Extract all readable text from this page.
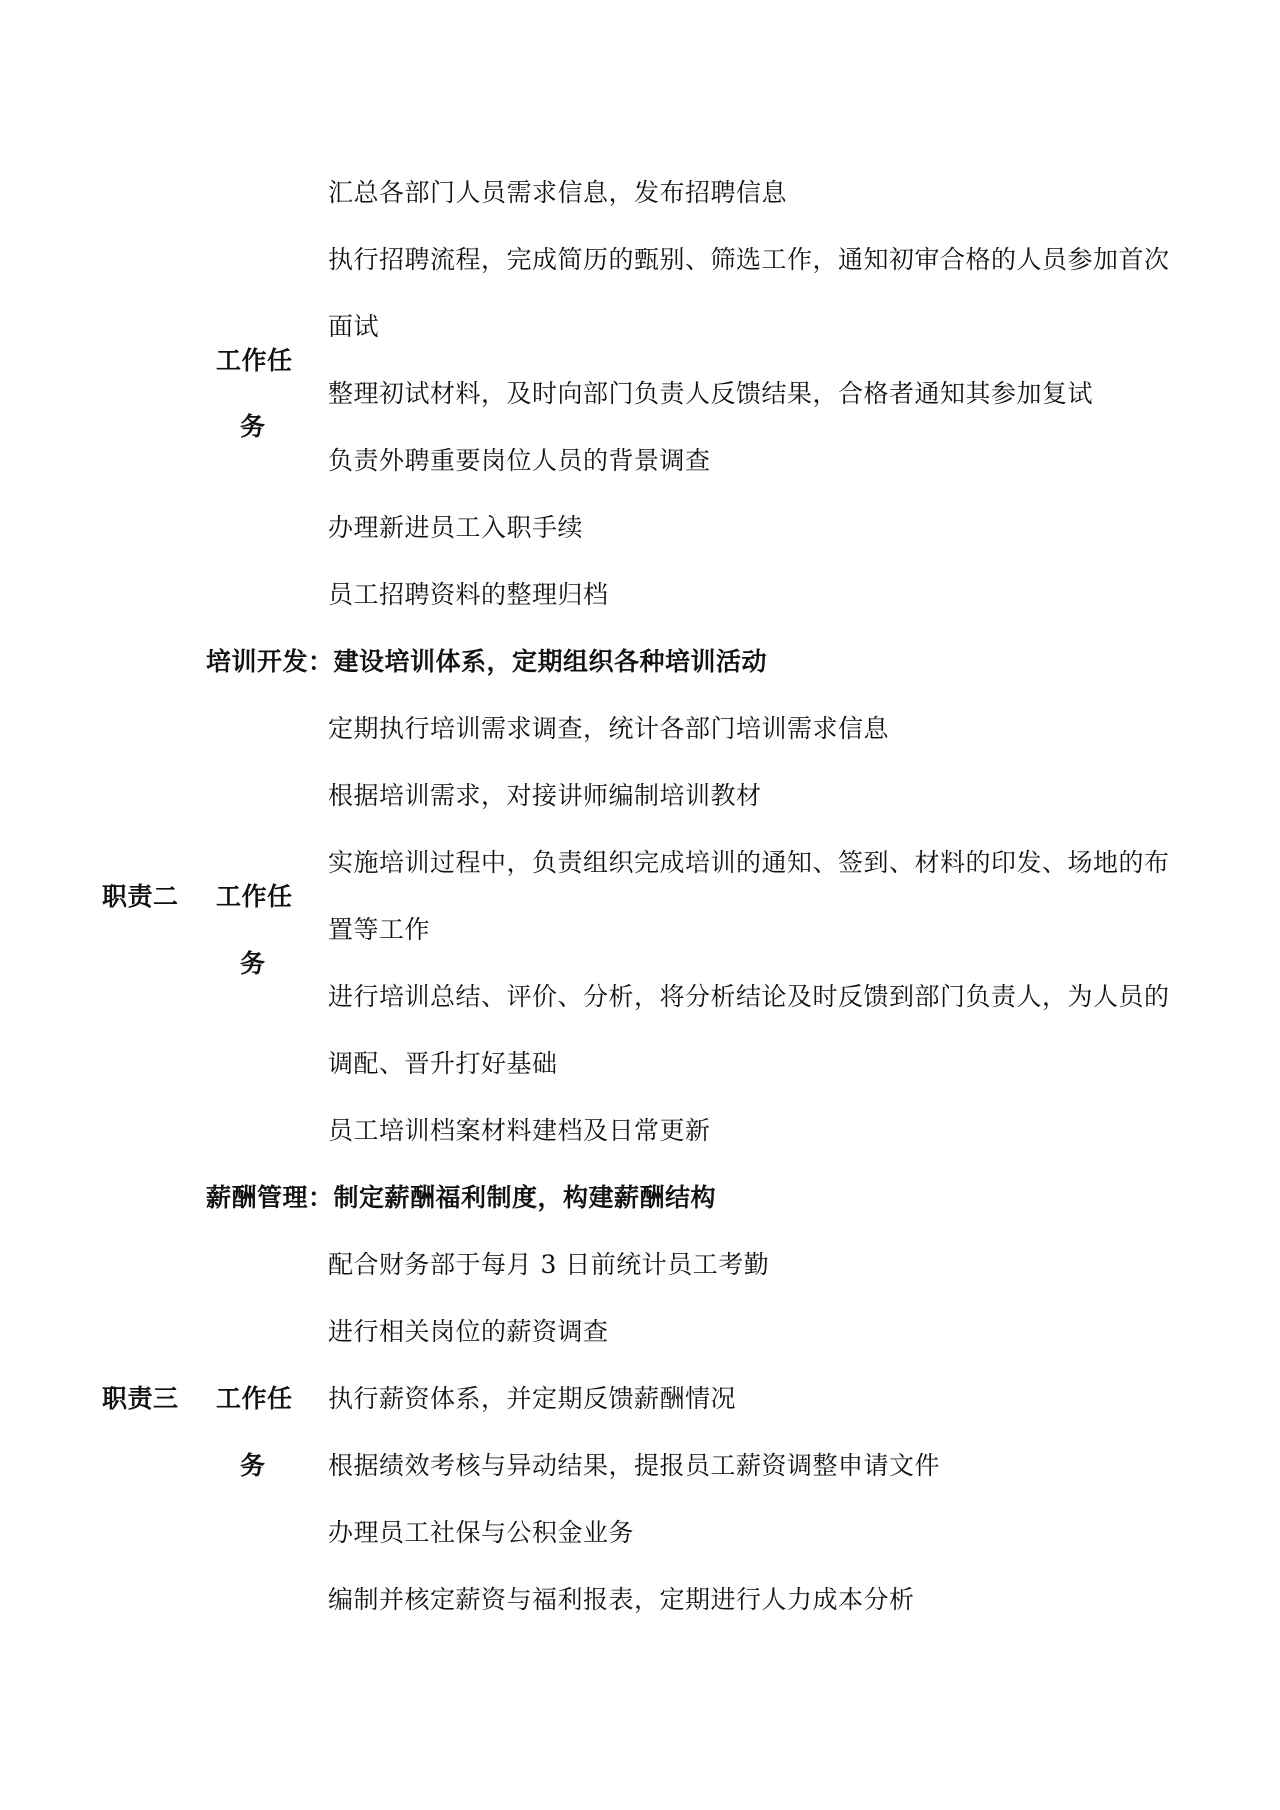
汇总各部门人员需求信息，发布招聘信息
执行招聘流程，完成简历的甄别、筛选工作，通知初审合格的人员参加首次
面试
工作任
整理初试材料，及时向部门负责人反馈结果，合格者通知其参加复试
务
负责外聘重要岗位人员的背景调查
办理新进员工入职手续
员工招聘资料的整理归档
培训开发：建设培训体系，定期组织各种培训活动
定期执行培训需求调查，统计各部门培训需求信息
根据培训需求，对接讲师编制培训教材
实施培训过程中，负责组织完成培训的通知、签到、材料的印发、场地的布
职责二 工作任
置等工作
务
进行培训总结、评价、分析，将分析结论及时反馈到部门负责人，为人员的
调配、晋升打好基础
员工培训档案材料建档及日常更新
薪酬管理：制定薪酬福利制度，构建薪酬结构
配合财务部于每月 3 日前统计员工考勤
进行相关岗位的薪资调查
职责三 工作任 执行薪资体系，并定期反馈薪酬情况
务 根据绩效考核与异动结果，提报员工薪资调整申请文件
办理员工社保与公积金业务
编制并核定薪资与福利报表，定期进行人力成本分析
